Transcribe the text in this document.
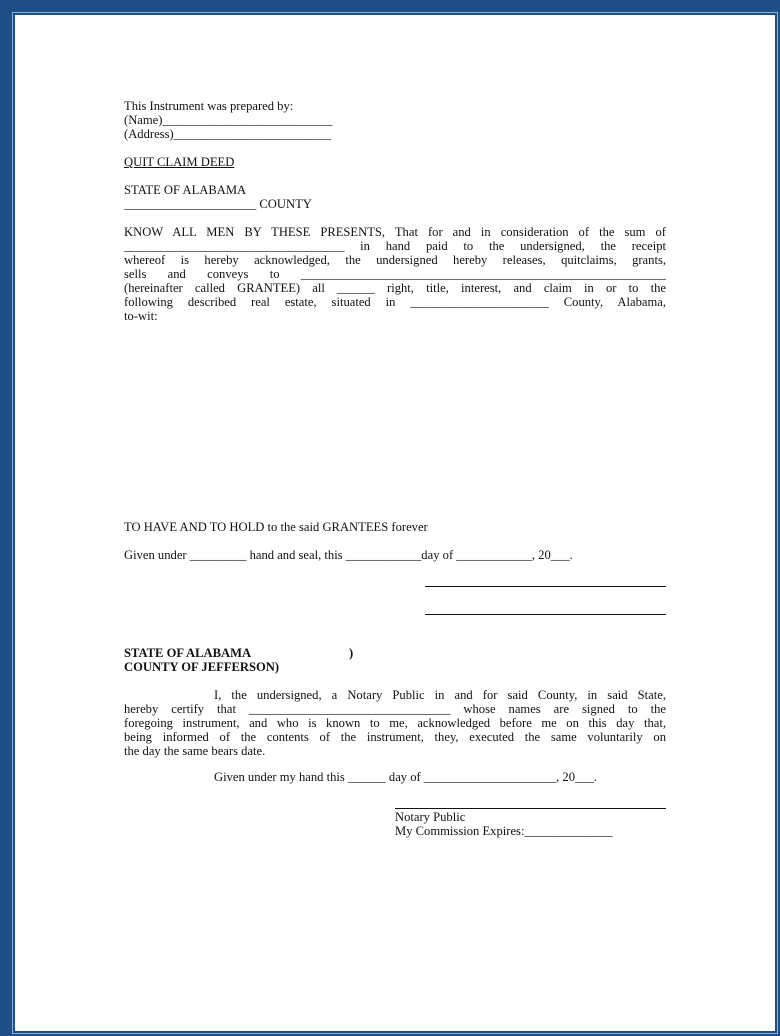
This Instrument was prepared by:

(Name)___________________________

(Address)_________________________

QUIT CLAIM DEED

STATE OF ALABAMA

_____________________ COUNTY

KNOW ALL MEN BY THESE PRESENTS, That for and in consideration of the sum of

___________________________________ in hand paid to the undersigned, the receipt

whereof is hereby acknowledged, the undersigned hereby releases, quitclaims, grants,

sells and conveys to __________________________________________________________

(hereinafter called GRANTEE) all ______ right, title, interest, and claim in or to the

following described real estate, situated in ______________________ County, Alabama,

to-wit:

TO HAVE AND TO HOLD to the said GRANTEES forever

Given under _________ hand and seal, this ____________day of ____________, 20___.

STATE OF ALABAMA	)

COUNTY OF JEFFERSON)

I, the undersigned, a Notary Public in and for said County, in said State,

hereby certify that ________________________________ whose names are signed to the

foregoing instrument, and who is known to me, acknowledged before me on this day that,

being informed of the contents of the instrument, they, executed the same voluntarily on

the day the same bears date.

Given under my hand this ______ day of _____________________, 20___.

Notary Public

My Commission Expires:______________
